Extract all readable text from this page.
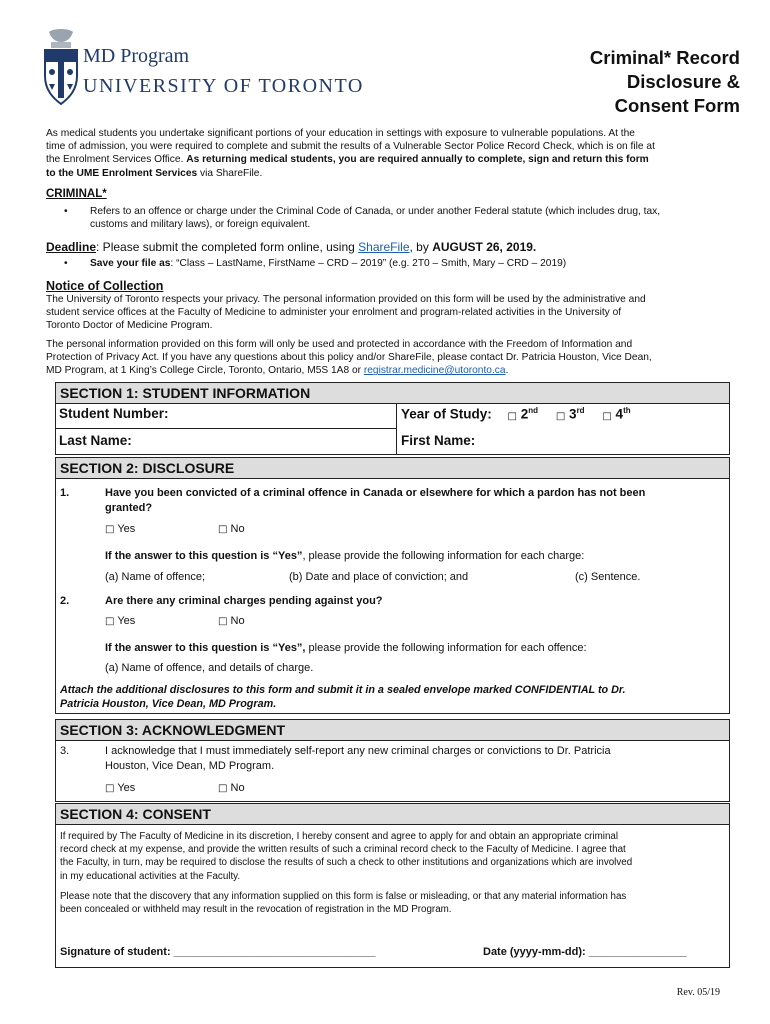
MD Program
UNIVERSITY OF TORONTO
Criminal* Record
Disclosure &
Consent Form
As medical students you undertake significant portions of your education in settings with exposure to vulnerable populations. At the
time of admission, you were required to complete and submit the results of a Vulnerable Sector Police Record Check, which is on file at
the Enrolment Services Office. As returning medical students, you are required annually to complete, sign and return this form
to the UME Enrolment Services via ShareFile.
CRIMINAL*
• Refers to an offence or charge under the Criminal Code of Canada, or under another Federal statute (which includes drug, tax,
customs and military laws), or foreign equivalent.
Deadline: Please submit the completed form online, using ShareFile, by AUGUST 26, 2019.
• Save your file as: “Class – LastName, FirstName – CRD – 2019” (e.g. 2T0 – Smith, Mary – CRD – 2019)
Notice of Collection
The University of Toronto respects your privacy. The personal information provided on this form will be used by the administrative and
student service offices at the Faculty of Medicine to administer your enrolment and program-related activities in the University of
Toronto Doctor of Medicine Program.
The personal information provided on this form will only be used and protected in accordance with the Freedom of Information and
Protection of Privacy Act. If you have any questions about this policy and/or ShareFile, please contact Dr. Patricia Houston, Vice Dean,
MD Program, at 1 King’s College Circle, Toronto, Ontario, M5S 1A8 or registrar.medicine@utoronto.ca.
SECTION 1: STUDENT INFORMATION
Student Number:	Year of Study: □ 2nd □ 3rd □ 4th
Last Name:	First Name:
SECTION 2: DISCLOSURE
1.	Have you been convicted of a criminal offence in Canada or elsewhere for which a pardon has not been
granted?
□ Yes	□ No
If the answer to this question is “Yes”, please provide the following information for each charge:
(a) Name of offence;	(b) Date and place of conviction; and	(c) Sentence.
2.	Are there any criminal charges pending against you?
□ Yes	□ No
If the answer to this question is “Yes”, please provide the following information for each offence:
(a) Name of offence, and details of charge.
Attach the additional disclosures to this form and submit it in a sealed envelope marked CONFIDENTIAL to Dr.
Patricia Houston, Vice Dean, MD Program.
SECTION 3: ACKNOWLEDGMENT
3.	I acknowledge that I must immediately self-report any new criminal charges or convictions to Dr. Patricia
Houston, Vice Dean, MD Program.
□ Yes	□ No
SECTION 4: CONSENT
If required by The Faculty of Medicine in its discretion, I hereby consent and agree to apply for and obtain an appropriate criminal
record check at my expense, and provide the written results of such a criminal record check to the Faculty of Medicine. I agree that
the Faculty, in turn, may be required to disclose the results of such a check to other institutions and organizations which are involved
in my educational activities at the Faculty.
Please note that the discovery that any information supplied on this form is false or misleading, or that any material information has
been concealed or withheld may result in the revocation of registration in the MD Program.
Signature of student: _________________________________	Date (yyyy-mm-dd): ________________
Rev. 05/19
